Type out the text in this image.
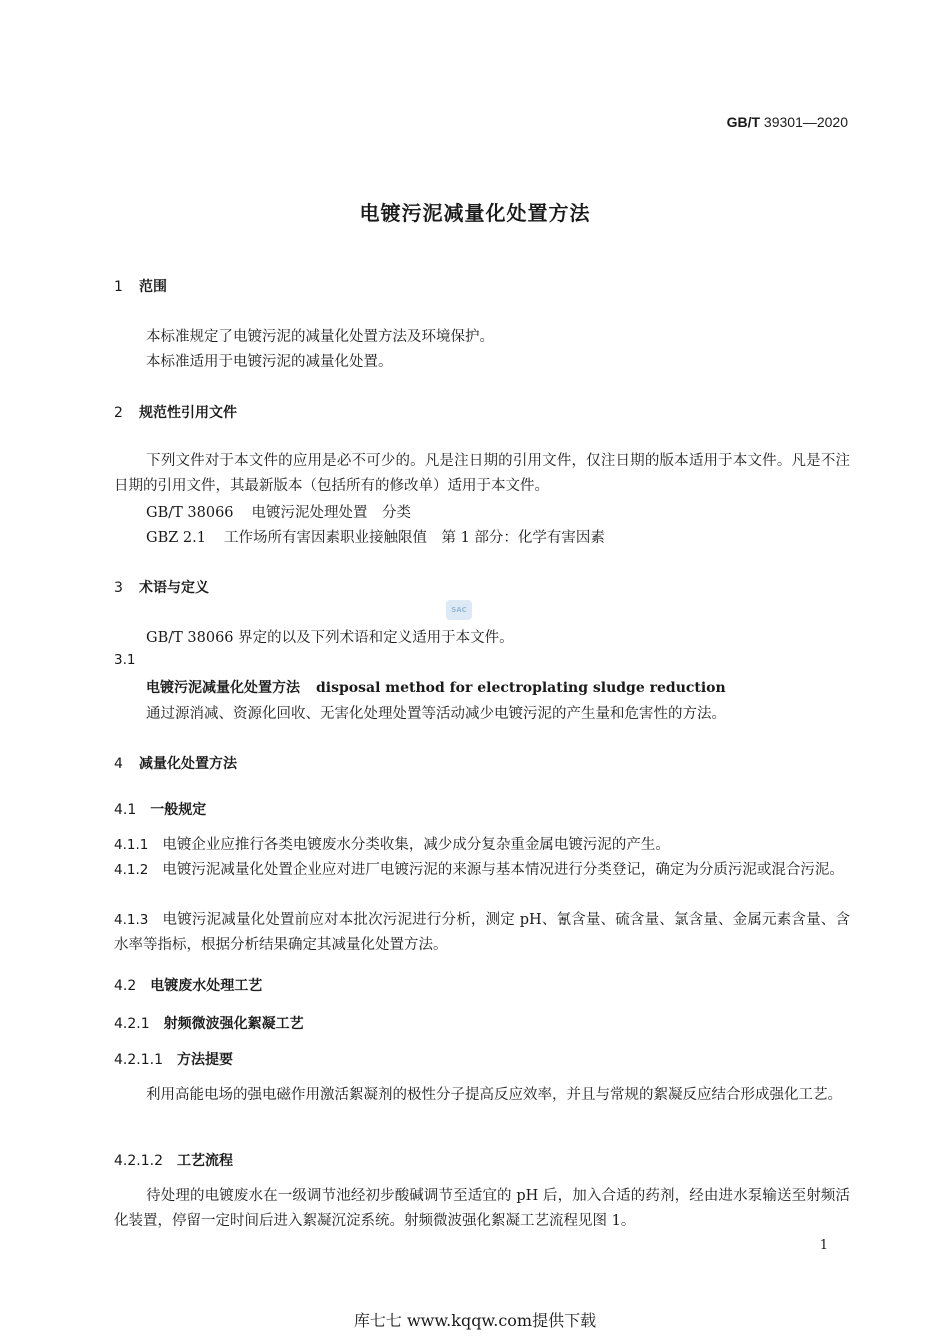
GB/T 39301—2020
电镀污泥减量化处置方法
1 范围
本标准规定了电镀污泥的减量化处置方法及环境保护。
本标准适用于电镀污泥的减量化处置。
2 规范性引用文件
下列文件对于本文件的应用是必不可少的。凡是注日期的引用文件，仅注日期的版本适用于本文件。凡是不注日期的引用文件，其最新版本（包括所有的修改单）适用于本文件。
GB/T 38066 电镀污泥处理处置　分类
GBZ 2.1 工作场所有害因素职业接触限值　第 1 部分：化学有害因素
3 术语与定义
SAC
GB/T 38066 界定的以及下列术语和定义适用于本文件。
3.1
电镀污泥减量化处置方法 disposal method for electroplating sludge reduction
通过源消减、资源化回收、无害化处理处置等活动减少电镀污泥的产生量和危害性的方法。
4 减量化处置方法
4.1 一般规定
4.1.1 电镀企业应推行各类电镀废水分类收集，减少成分复杂重金属电镀污泥的产生。
4.1.2 电镀污泥减量化处置企业应对进厂电镀污泥的来源与基本情况进行分类登记，确定为分质污泥或混合污泥。
4.1.3 电镀污泥减量化处置前应对本批次污泥进行分析，测定 pH、氰含量、硫含量、氯含量、金属元素含量、含水率等指标，根据分析结果确定其减量化处置方法。
4.2 电镀废水处理工艺
4.2.1 射频微波强化絮凝工艺
4.2.1.1 方法提要
利用高能电场的强电磁作用激活絮凝剂的极性分子提高反应效率，并且与常规的絮凝反应结合形成强化工艺。
4.2.1.2 工艺流程
待处理的电镀废水在一级调节池经初步酸碱调节至适宜的 pH 后，加入合适的药剂，经由进水泵输送至射频活化装置，停留一定时间后进入絮凝沉淀系统。射频微波强化絮凝工艺流程见图 1。
1
库七七 www.kqqw.com提供下载
